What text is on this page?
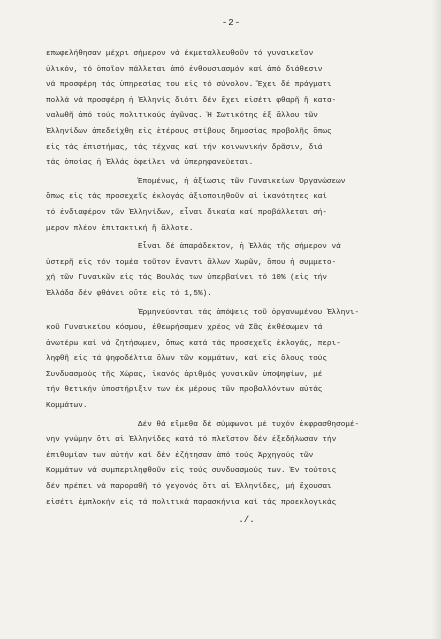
-2-
επωφελήθησαν μέχρι σήμερον νά έκμεταλλευθοῦν τό γυναικεῖον
ὑλικόν, τό ὁποῖον πάλλεται ἀπό ἐνθουσιασμόν καί ἀπό διάθεσιν
νά προσφέρη τάς ὑπηρεσίας του εἰς τό σύνολον. Ἔχει δέ πράγματι
πολλά νά προσφέρη ἡ Ἑλληνίς διότι δέν ἔχει εἰσέτι φθαρῆ ἤ κατα-
ναλωθῆ ἀπό τούς πολιτικούς ἀγῶνας. Ἡ Σωτικότης ἐξ ἄλλου τῶν
Ἑλληνίδων ἀπεδείχθη εἰς ἑτέρους στίβους δημοσίας προβολῆς ὅπως
εἰς τάς ἐπιστήμας, τάς τέχνας καί τήν κοινωνικήν δρᾶσιν, διά
τάς ὁποίας ἡ Ἑλλάς ὀφείλει νά ὑπερηφανεύεται.
Ἐπομένως, ἡ ἀξίωσις τῶν Γυναικείων Ὀργανώσεων
ὅπως εἰς τάς προσεχεῖς ἐκλογάς ἀξιοποιηθοῦν αἱ ἱκανότητες καί
τό ἐνδιαφέρον τῶν Ἑλληνίδων, εἶναι δικαία καί προβάλλεται σή-
μερον πλέον ἐπιτακτική ἤ ἄλλοτε.
Εἶναι δέ ἀπαράδεκτον, ἡ Ἑλλάς τῆς σήμερον νά
ὑστερῆ εἰς τόν τομέα τοῦτον ἔναντι ἄλλων Χωρῶν, ὅπου ἡ συμμετο-
χή τῶν Γυναικῶν εἰς τάς Βουλάς των ὑπερβαίνει τό 10% (εἰς τήν
Ἑλλάδα δέν φθάνει οὔτε εἰς τό 1,5%).
Ἑρμηνεύονται τάς ἀπόψεις τοῦ ὀργανωμένου Ἑλληνι-
κοῦ Γυναικείου κόσμου, ἐθεωρήσαμεν χρέος νά Σᾶς ἐκθέσωμεν τά
ἀνωτέρω καί νά ζητήσωμεν, ὅπως κατά τάς προσεχεῖς ἐκλογάς, περι-
ληφθῆ εἰς τά ψηφοδέλτια ὅλων τῶν κομμάτων, καί εἰς ὅλους τούς
Συνδυασμούς τῆς Χώρας, ἱκανός ἀριθμός γυναικῶν ὑποψηφίων, μέ
τήν θετικήν ὑποστήριξιν των ἐκ μέρους τῶν προβαλλόντων αὐτάς
Κομμάτων.
Δέν θά εἴμεθα δέ σύμφωνοι μέ τυχόν ἐκφρασθησομέ-
νην γνώμην ὅτι αἱ Ἑλληνίδες κατά τό πλεῖστον δέν ἐξεδήλωσαν τήν
ἐπιθυμίαν των αὐτήν καί δέν ἐζήτησαν ἀπό τούς Ἀρχηγούς τῶν
Κομμάτων νά συμπεριληφθοῦν εἰς τούς συνδυασμούς των. Ἐν τούτοις
δέν πρέπει νά παροραθῆ τό γεγονός ὅτι αἱ Ἑλληνίδες, μή ἔχουσαι
εἰσέτι ἐμπλοκήν εἰς τά πολιτικά παρασκήνια καί τάς προεκλογικάς
./.
